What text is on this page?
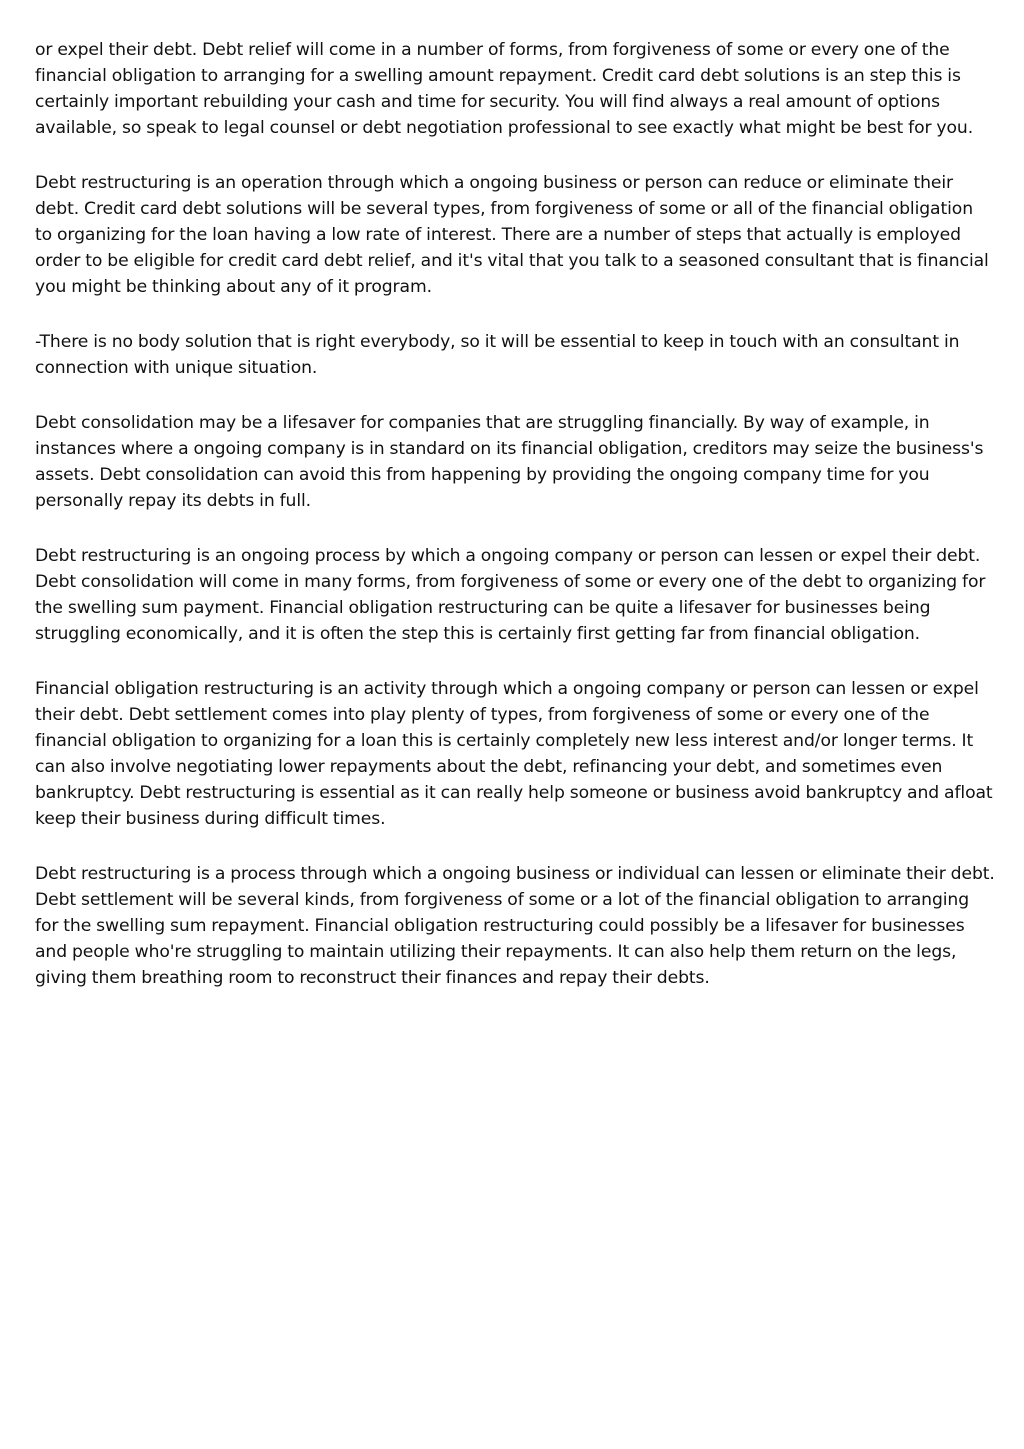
or expel their debt. Debt relief will come in a number of forms, from forgiveness of some or every one of the financial obligation to arranging for a swelling amount repayment. Credit card debt solutions is an step this is certainly important rebuilding your cash and time for security. You will find always a real amount of options available, so speak to legal counsel or debt negotiation professional to see exactly what might be best for you.

Debt restructuring is an operation through which a ongoing business or person can reduce or eliminate their debt. Credit card debt solutions will be several types, from forgiveness of some or all of the financial obligation to organizing for the loan having a low rate of interest. There are a number of steps that actually is employed order to be eligible for credit card debt relief, and it's vital that you talk to a seasoned consultant that is financial you might be thinking about any of it program.

-There is no body solution that is right everybody, so it will be essential to keep in touch with an consultant in connection with unique situation.

Debt consolidation may be a lifesaver for companies that are struggling financially. By way of example, in instances where a ongoing company is in standard on its financial obligation, creditors may seize the business's assets. Debt consolidation can avoid this from happening by providing the ongoing company time for you personally repay its debts in full.

Debt restructuring is an ongoing process by which a ongoing company or person can lessen or expel their debt. Debt consolidation will come in many forms, from forgiveness of some or every one of the debt to organizing for the swelling sum payment. Financial obligation restructuring can be quite a lifesaver for businesses being struggling economically, and it is often the step this is certainly first getting far from financial obligation.

Financial obligation restructuring is an activity through which a ongoing company or person can lessen or expel their debt. Debt settlement comes into play plenty of types, from forgiveness of some or every one of the financial obligation to organizing for a loan this is certainly completely new less interest and/or longer terms. It can also involve negotiating lower repayments about the debt, refinancing your debt, and sometimes even bankruptcy. Debt restructuring is essential as it can really help someone or business avoid bankruptcy and afloat keep their business during difficult times.

Debt restructuring is a process through which a ongoing business or individual can lessen or eliminate their debt. Debt settlement will be several kinds, from forgiveness of some or a lot of the financial obligation to arranging for the swelling sum repayment. Financial obligation restructuring could possibly be a lifesaver for businesses and people who're struggling to maintain utilizing their repayments. It can also help them return on the legs, giving them breathing room to reconstruct their finances and repay their debts.
